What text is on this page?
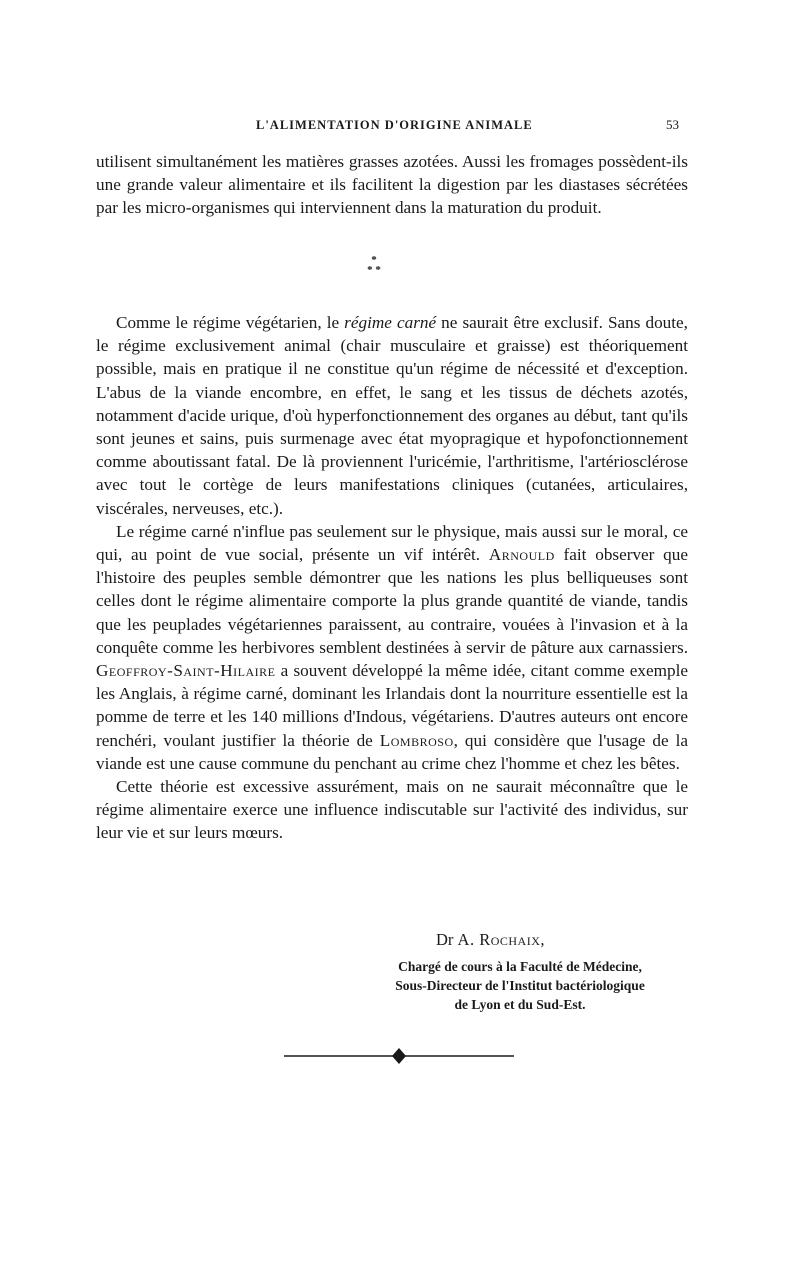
L'ALIMENTATION D'ORIGINE ANIMALE	53

utilisent simultanément les matières grasses azotées. Aussi les fromages possèdent-ils une grande valeur alimentaire et ils facilitent la digestion par les diastases sécrétées par les micro-organismes qui interviennent dans la maturation du produit.

*
* *

Comme le régime végétarien, le régime carné ne saurait être exclusif. Sans doute, le régime exclusivement animal (chair musculaire et graisse) est théoriquement possible, mais en pratique il ne constitue qu'un régime de nécessité et d'exception. L'abus de la viande encombre, en effet, le sang et les tissus de déchets azotés, notamment d'acide urique, d'où hyperfonctionnement des organes au début, tant qu'ils sont jeunes et sains, puis surmenage avec état myopragique et hypofonctionnement comme aboutissant fatal. De là proviennent l'uricémie, l'arthritisme, l'artériosclérose avec tout le cortège de leurs manifestations cliniques (cutanées, articulaires, viscérales, nerveuses, etc.).

Le régime carné n'influe pas seulement sur le physique, mais aussi sur le moral, ce qui, au point de vue social, présente un vif intérêt. Arnould fait observer que l'histoire des peuples semble démontrer que les nations les plus belliqueuses sont celles dont le régime alimentaire comporte la plus grande quantité de viande, tandis que les peuplades végétariennes paraissent, au contraire, vouées à l'invasion et à la conquête comme les herbivores semblent destinées à servir de pâture aux carnassiers. Geoffroy-Saint-Hilaire a souvent développé la même idée, citant comme exemple les Anglais, à régime carné, dominant les Irlandais dont la nourriture essentielle est la pomme de terre et les 140 millions d'Indous, végétariens. D'autres auteurs ont encore renchéri, voulant justifier la théorie de Lombroso, qui considère que l'usage de la viande est une cause commune du penchant au crime chez l'homme et chez les bêtes.

Cette théorie est excessive assurément, mais on ne saurait méconnaître que le régime alimentaire exerce une influence indiscutable sur l'activité des individus, sur leur vie et sur leurs mœurs.

Dr A. Rochaix,
Chargé de cours à la Faculté de Médecine,
Sous-Directeur de l'Institut bactériologique
de Lyon et du Sud-Est.
